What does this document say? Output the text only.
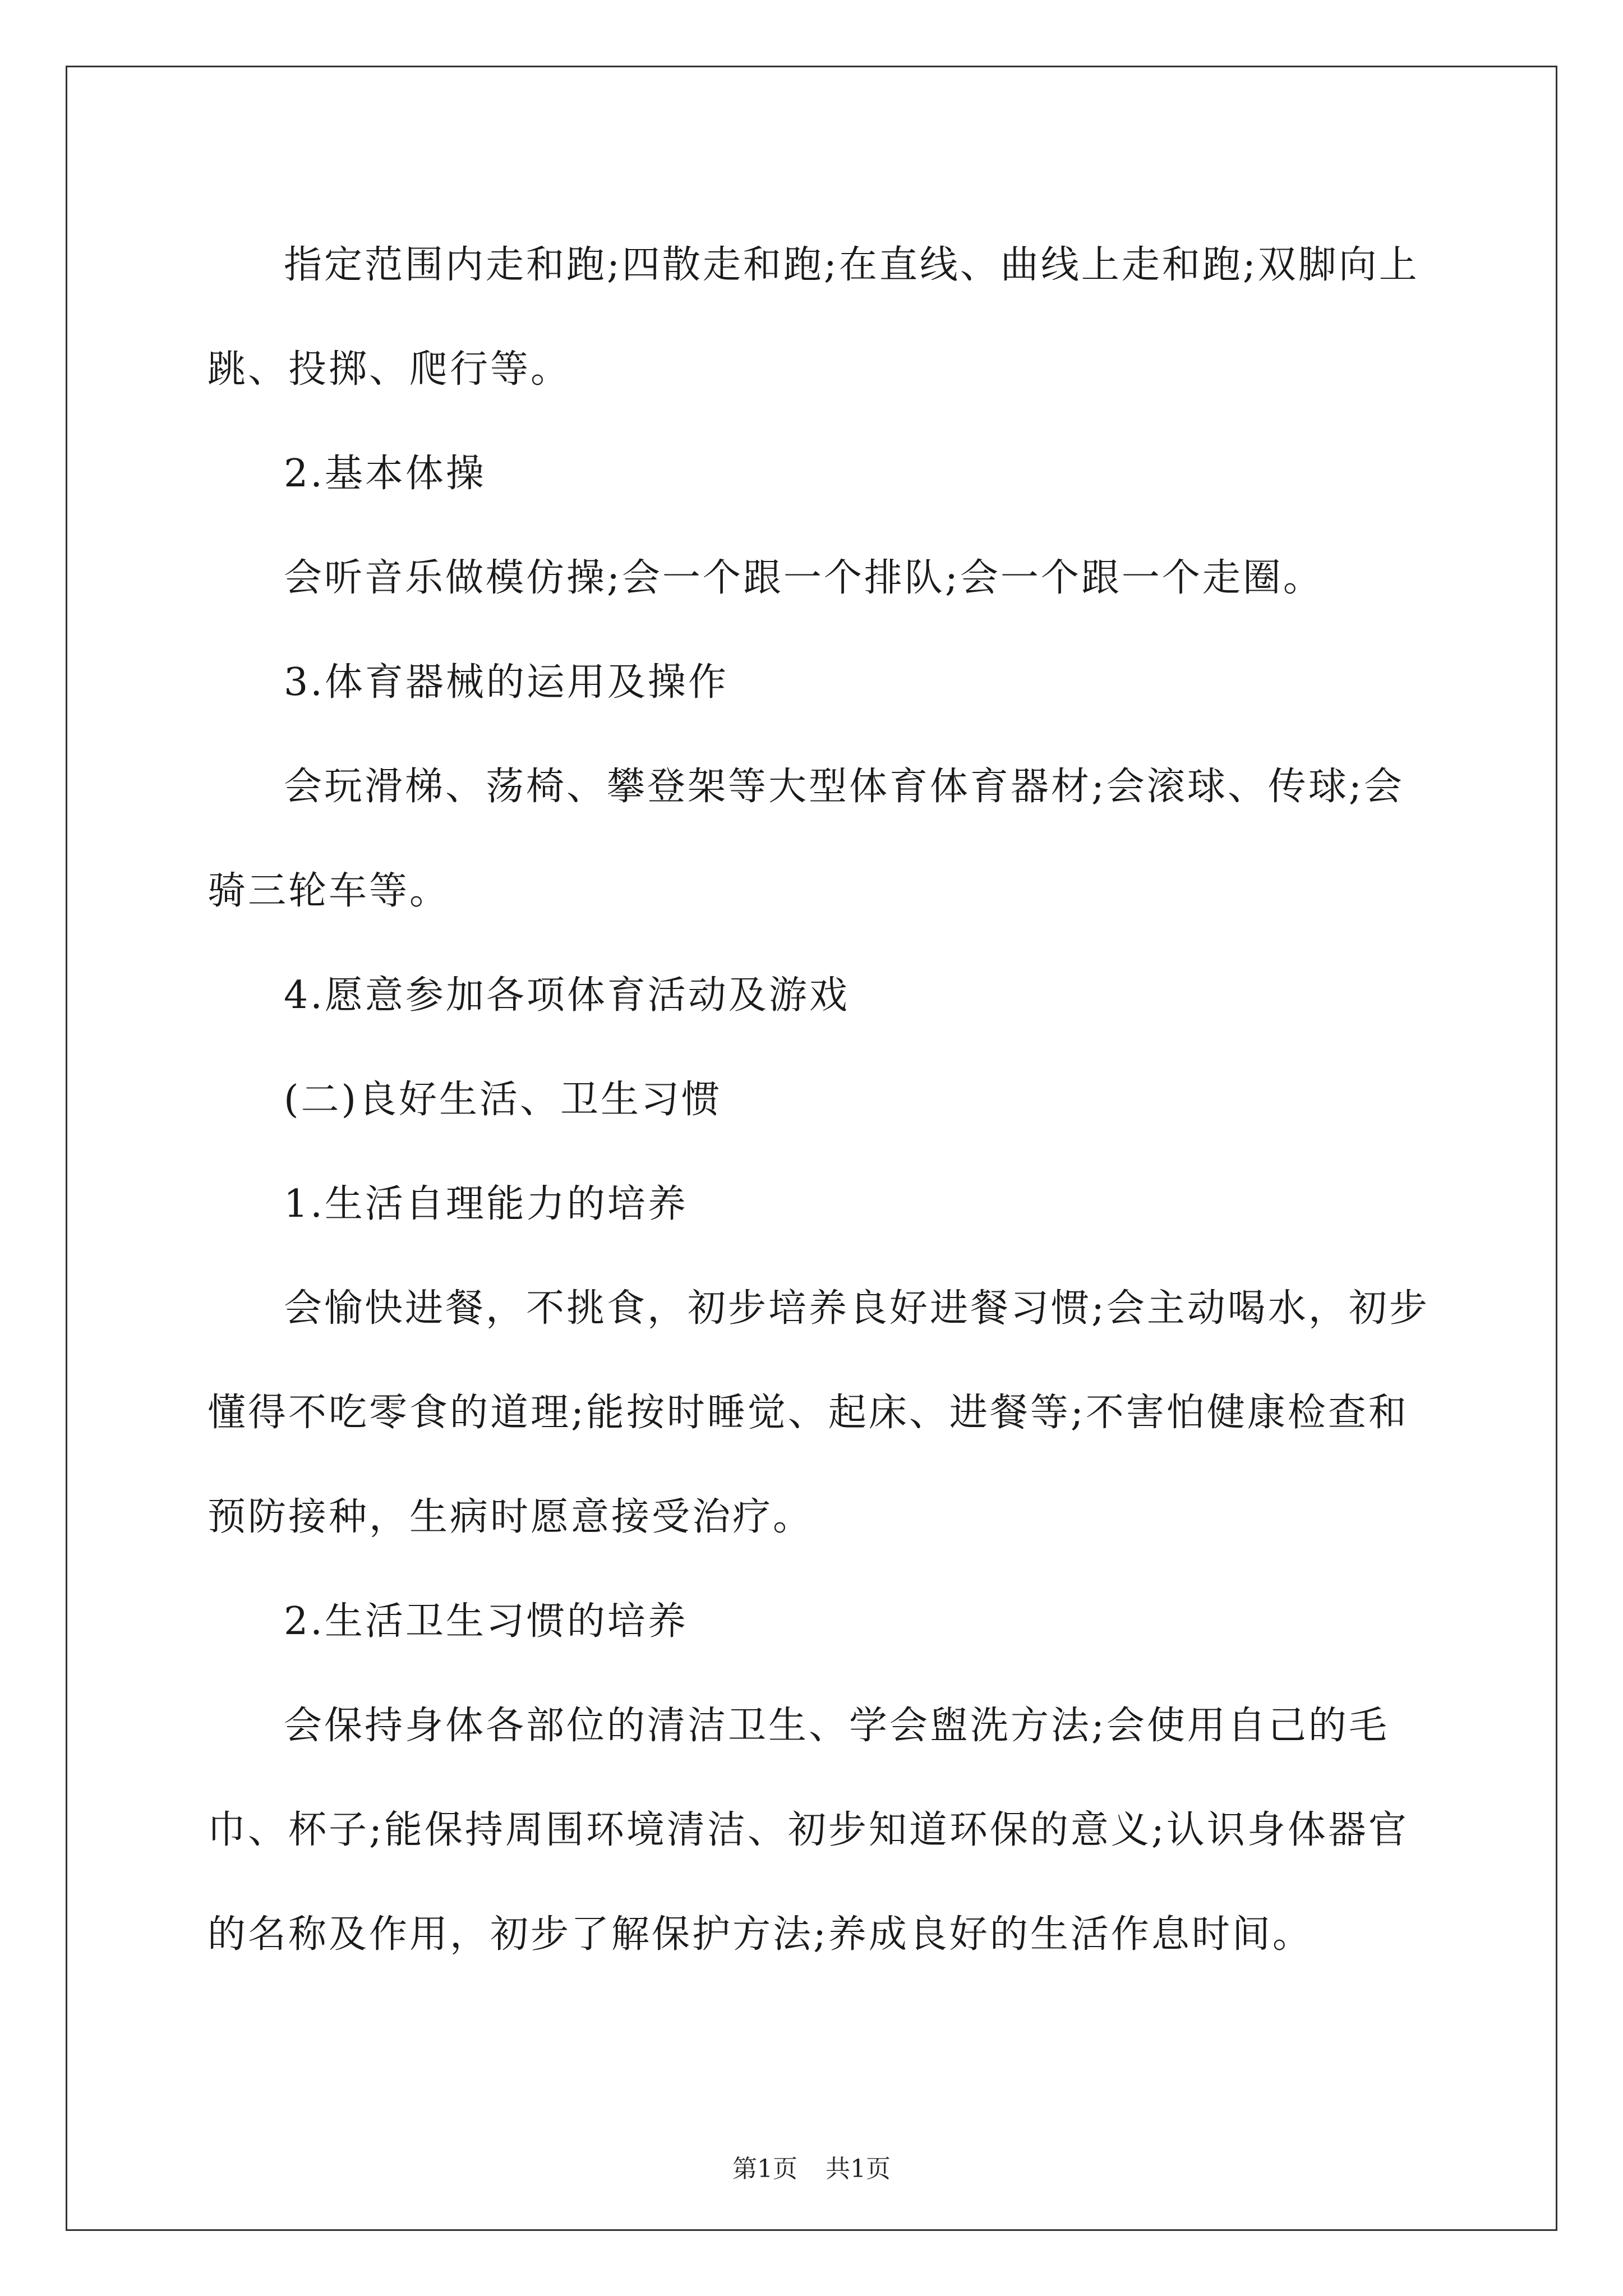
指定范围内走和跑;四散走和跑;在直线、曲线上走和跑;双脚向上跳、投掷、爬行等。

2.基本体操

会听音乐做模仿操;会一个跟一个排队;会一个跟一个走圈。

3.体育器械的运用及操作

会玩滑梯、荡椅、攀登架等大型体育体育器材;会滚球、传球;会骑三轮车等。

4.愿意参加各项体育活动及游戏

(二)良好生活、卫生习惯

1.生活自理能力的培养

会愉快进餐，不挑食，初步培养良好进餐习惯;会主动喝水，初步懂得不吃零食的道理;能按时睡觉、起床、进餐等;不害怕健康检查和预防接种，生病时愿意接受治疗。

2.生活卫生习惯的培养

会保持身体各部位的清洁卫生、学会盥洗方法;会使用自己的毛巾、杯子;能保持周围环境清洁、初步知道环保的意义;认识身体器官的名称及作用，初步了解保护方法;养成良好的生活作息时间。

第1页 共1页
